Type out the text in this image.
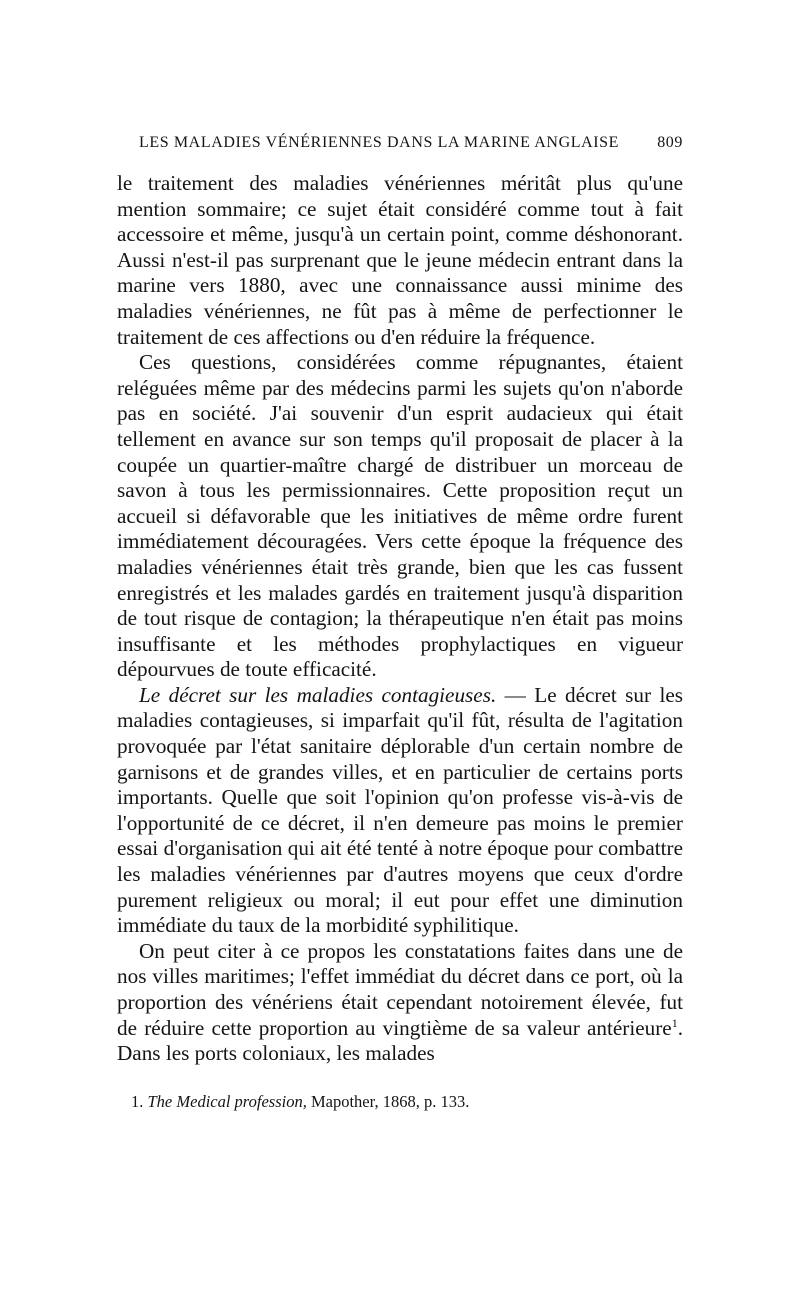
LES MALADIES VÉNÉRIENNES DANS LA MARINE ANGLAISE 809

le traitement des maladies vénériennes méritât plus qu'une mention sommaire; ce sujet était considéré comme tout à fait accessoire et même, jusqu'à un certain point, comme déshonorant. Aussi n'est-il pas surprenant que le jeune médecin entrant dans la marine vers 1880, avec une connaissance aussi minime des maladies vénériennes, ne fût pas à même de perfectionner le traitement de ces affections ou d'en réduire la fréquence.

Ces questions, considérées comme répugnantes, étaient reléguées même par des médecins parmi les sujets qu'on n'aborde pas en société. J'ai souvenir d'un esprit audacieux qui était tellement en avance sur son temps qu'il proposait de placer à la coupée un quartier-maître chargé de distribuer un morceau de savon à tous les permissionnaires. Cette proposition reçut un accueil si défavorable que les initiatives de même ordre furent immédiatement découragées. Vers cette époque la fréquence des maladies vénériennes était très grande, bien que les cas fussent enregistrés et les malades gardés en traitement jusqu'à disparition de tout risque de contagion; la thérapeutique n'en était pas moins insuffisante et les méthodes prophylactiques en vigueur dépourvues de toute efficacité.

Le décret sur les maladies contagieuses. — Le décret sur les maladies contagieuses, si imparfait qu'il fût, résulta de l'agitation provoquée par l'état sanitaire déplorable d'un certain nombre de garnisons et de grandes villes, et en particulier de certains ports importants. Quelle que soit l'opinion qu'on professe vis-à-vis de l'opportunité de ce décret, il n'en demeure pas moins le premier essai d'organisation qui ait été tenté à notre époque pour combattre les maladies vénériennes par d'autres moyens que ceux d'ordre purement religieux ou moral; il eut pour effet une diminution immédiate du taux de la morbidité syphilitique.

On peut citer à ce propos les constatations faites dans une de nos villes maritimes; l'effet immédiat du décret dans ce port, où la proportion des vénériens était cependant notoirement élevée, fut de réduire cette proportion au vingtième de sa valeur antérieure$^1$. Dans les ports coloniaux, les malades

1. The Medical profession, Mapother, 1868, p. 133.
